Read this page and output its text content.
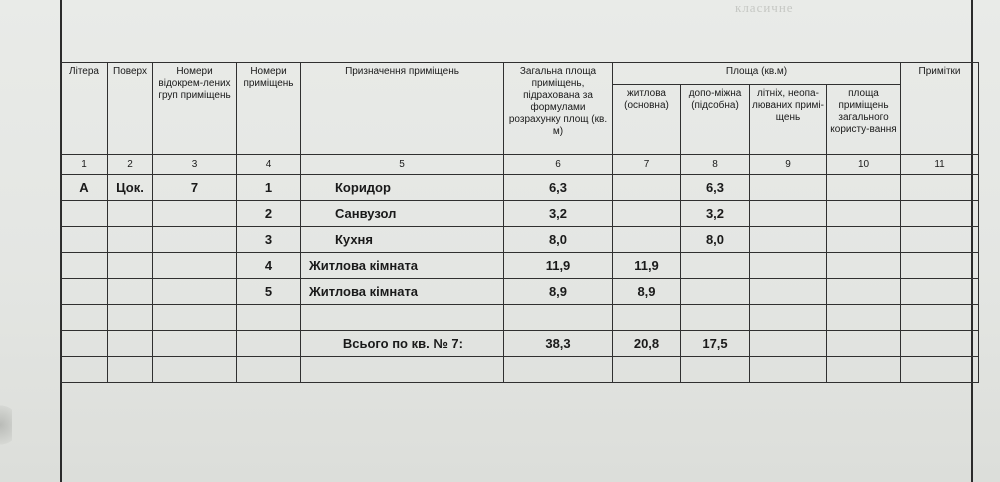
класичне
Літера	Поверх	Номери відокрем-лених груп приміщень	Номери приміщень	Призначення приміщень	Загальна площа приміщень, підрахована за формулами розрахунку площ (кв. м)	Площа (кв.м)				Примітки
						житлова (основна)	допо-міжна (підсобна)	літніх, неопа-люваних примі-щень	площа приміщень загального користу-вання	
1	2	3	4	5	6	7	8	9	10	11
А	Цок.	7	1	Коридор	6,3		6,3			
			2	Санвузол	3,2		3,2			
			3	Кухня	8,0		8,0			
			4	Житлова кімната	11,9	11,9				
			5	Житлова кімната	8,9	8,9				

				Всього по кв. № 7:	38,3	20,8	17,5			
